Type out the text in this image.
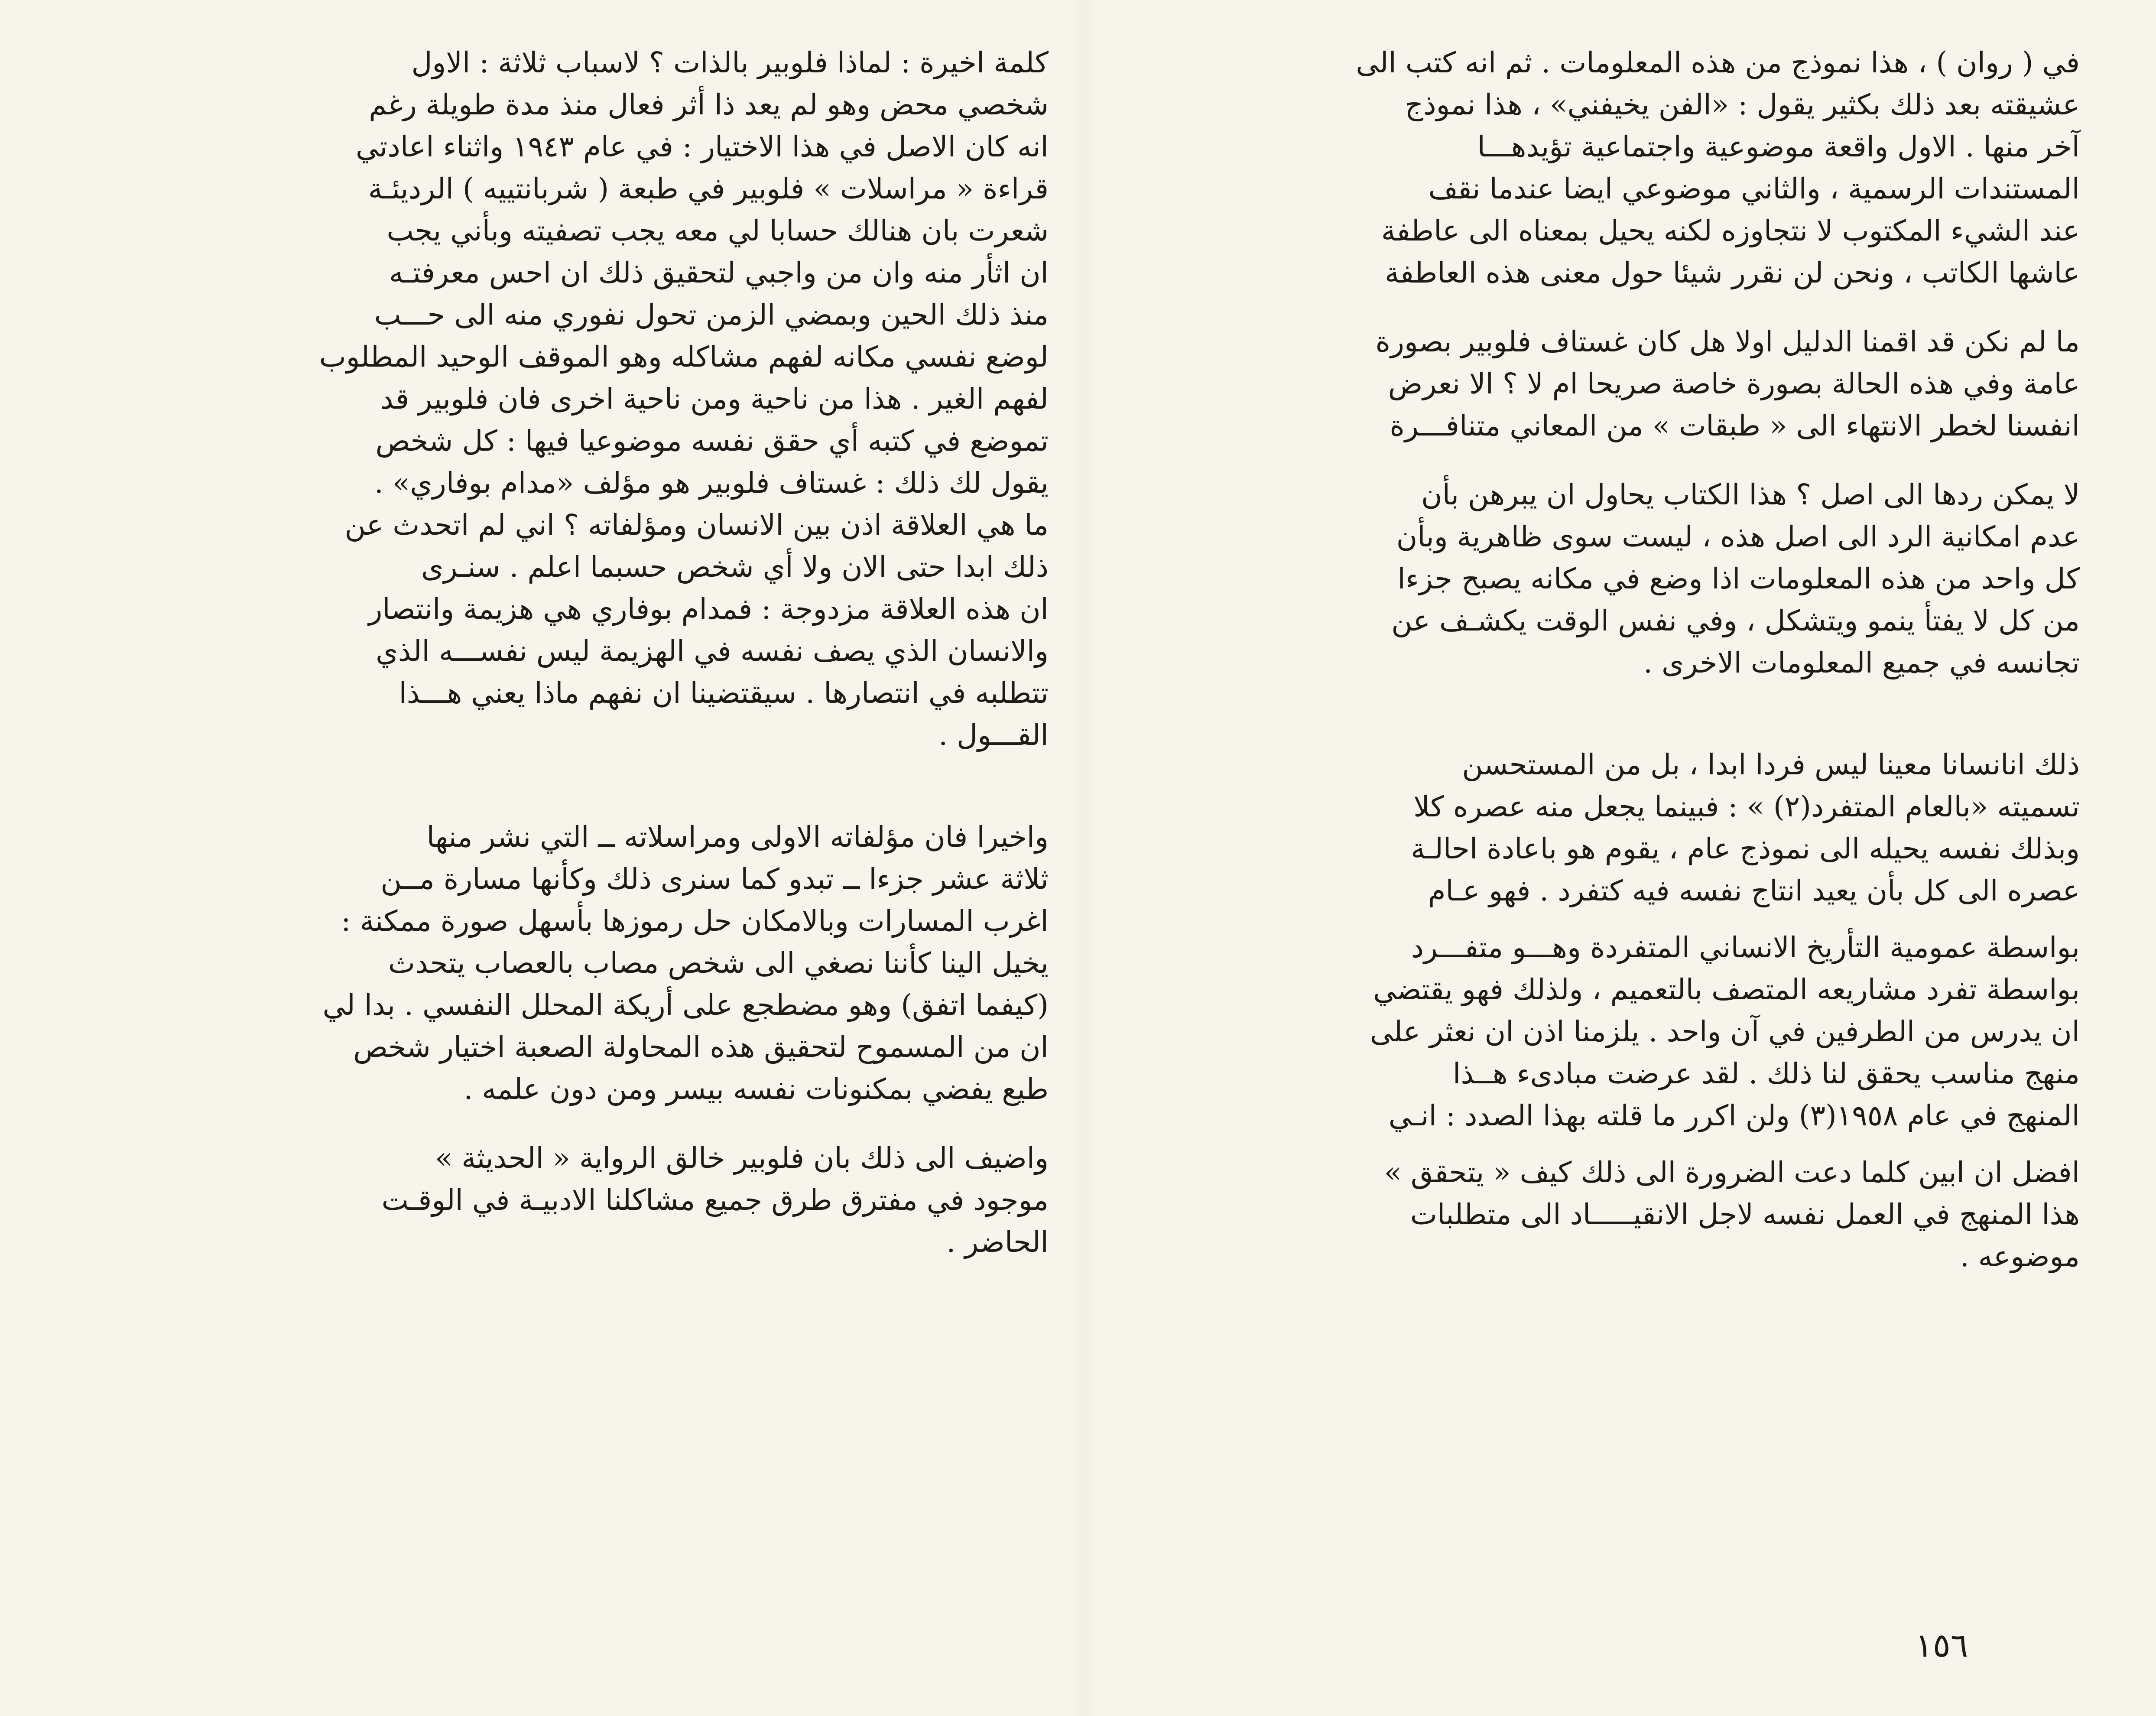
في ( روان ) ، هذا نموذج من هذه المعلومات . ثم انه كتب الى
عشيقته بعد ذلك بكثير يقول : «الفن يخيفني» ، هذا نموذج
آخر منها . الاول واقعة موضوعية واجتماعية تؤيدهـــا
المستندات الرسمية ، والثاني موضوعي ايضا عندما نقف
عند الشيء المكتوب لا نتجاوزه لكنه يحيل بمعناه الى عاطفة
عاشها الكاتب ، ونحن لن نقرر شيئا حول معنى هذه العاطفة

ما لم نكن قد اقمنا الدليل اولا هل كان غستاف فلوبير بصورة
عامة وفي هذه الحالة بصورة خاصة صريحا ام لا ؟ الا نعرض
انفسنا لخطر الانتهاء الى « طبقات » من المعاني متنافـــرة

لا يمكن ردها الى اصل ؟ هذا الكتاب يحاول ان يبرهن بأن
عدم امكانية الرد الى اصل هذه ، ليست سوى ظاهرية وبأن
كل واحد من هذه المعلومات اذا وضع في مكانه يصبح جزءا
من كل لا يفتأ ينمو ويتشكل ، وفي نفس الوقت يكشـف عن
تجانسه في جميع المعلومات الاخرى .

ذلك انانسانا معينا ليس فردا ابدا ، بل من المستحسن
تسميته «بالعام المتفرد(٢) » : فبينما يجعل منه عصره كلا
وبذلك نفسه يحيله الى نموذج عام ، يقوم هو باعادة احالـة
عصره الى كل بأن يعيد انتاج نفسه فيه كتفرد . فهو عـام

بواسطة عمومية التأريخ الانساني المتفردة وهـــو متفـــرد
بواسطة تفرد مشاريعه المتصف بالتعميم ، ولذلك فهو يقتضي
ان يدرس من الطرفين في آن واحد . يلزمنا اذن ان نعثر على
منهج مناسب يحقق لنا ذلك . لقد عرضت مبادىء هــذا
المنهج في عام ١٩٥٨(٣) ولن اكرر ما قلته بهذا الصدد : انـي

افضل ان ابين كلما دعت الضرورة الى ذلك كيف « يتحقق »
هذا المنهج في العمل نفسه لاجل الانقيـــــاد الى متطلبات
موضوعه .

كلمة اخيرة : لماذا فلوبير بالذات ؟ لاسباب ثلاثة : الاول
شخصي محض وهو لم يعد ذا أثر فعال منذ مدة طويلة رغم
انه كان الاصل في هذا الاختيار : في عام ١٩٤٣ واثناء اعادتي
قراءة « مراسلات » فلوبير في طبعة ( شربانتييه ) الرديئـة
شعرت بان هنالك حسابا لي معه يجب تصفيته وبأني يجب
ان اثأر منه وان من واجبي لتحقيق ذلك ان احس معرفتـه
منذ ذلك الحين وبمضي الزمن تحول نفوري منه الى حـــب
لوضع نفسي مكانه لفهم مشاكله وهو الموقف الوحيد المطلوب
لفهم الغير . هذا من ناحية ومن ناحية اخرى فان فلوبير قد
تموضع في كتبه أي حقق نفسه موضوعيا فيها : كل شخص
يقول لك ذلك : غستاف فلوبير هو مؤلف «مدام بوفاري» .
ما هي العلاقة اذن بين الانسان ومؤلفاته ؟ اني لم اتحدث عن
ذلك ابدا حتى الان ولا أي شخص حسبما اعلم . سنـرى
ان هذه العلاقة مزدوجة : فمدام بوفاري هي هزيمة وانتصار
والانسان الذي يصف نفسه في الهزيمة ليس نفســـه الذي
تتطلبه في انتصارها . سيقتضينا ان نفهم ماذا يعني هـــذا
القـــول .

واخيرا فان مؤلفاته الاولى ومراسلاته ــ التي نشر منها
ثلاثة عشر جزءا ــ تبدو كما سنرى ذلك وكأنها مسارة مــن
اغرب المسارات وبالامكان حل رموزها بأسهل صورة ممكنة :
يخيل الينا كأننا نصغي الى شخص مصاب بالعصاب يتحدث
(كيفما اتفق) وهو مضطجع على أريكة المحلل النفسي . بدا لي
ان من المسموح لتحقيق هذه المحاولة الصعبة اختيار شخص
طيع يفضي بمكنونات نفسه بيسر ومن دون علمه .

واضيف الى ذلك بان فلوبير خالق الرواية « الحديثة »
موجود في مفترق طرق جميع مشاكلنا الادبيـة في الوقـت
الحاضر .

١٥٦
